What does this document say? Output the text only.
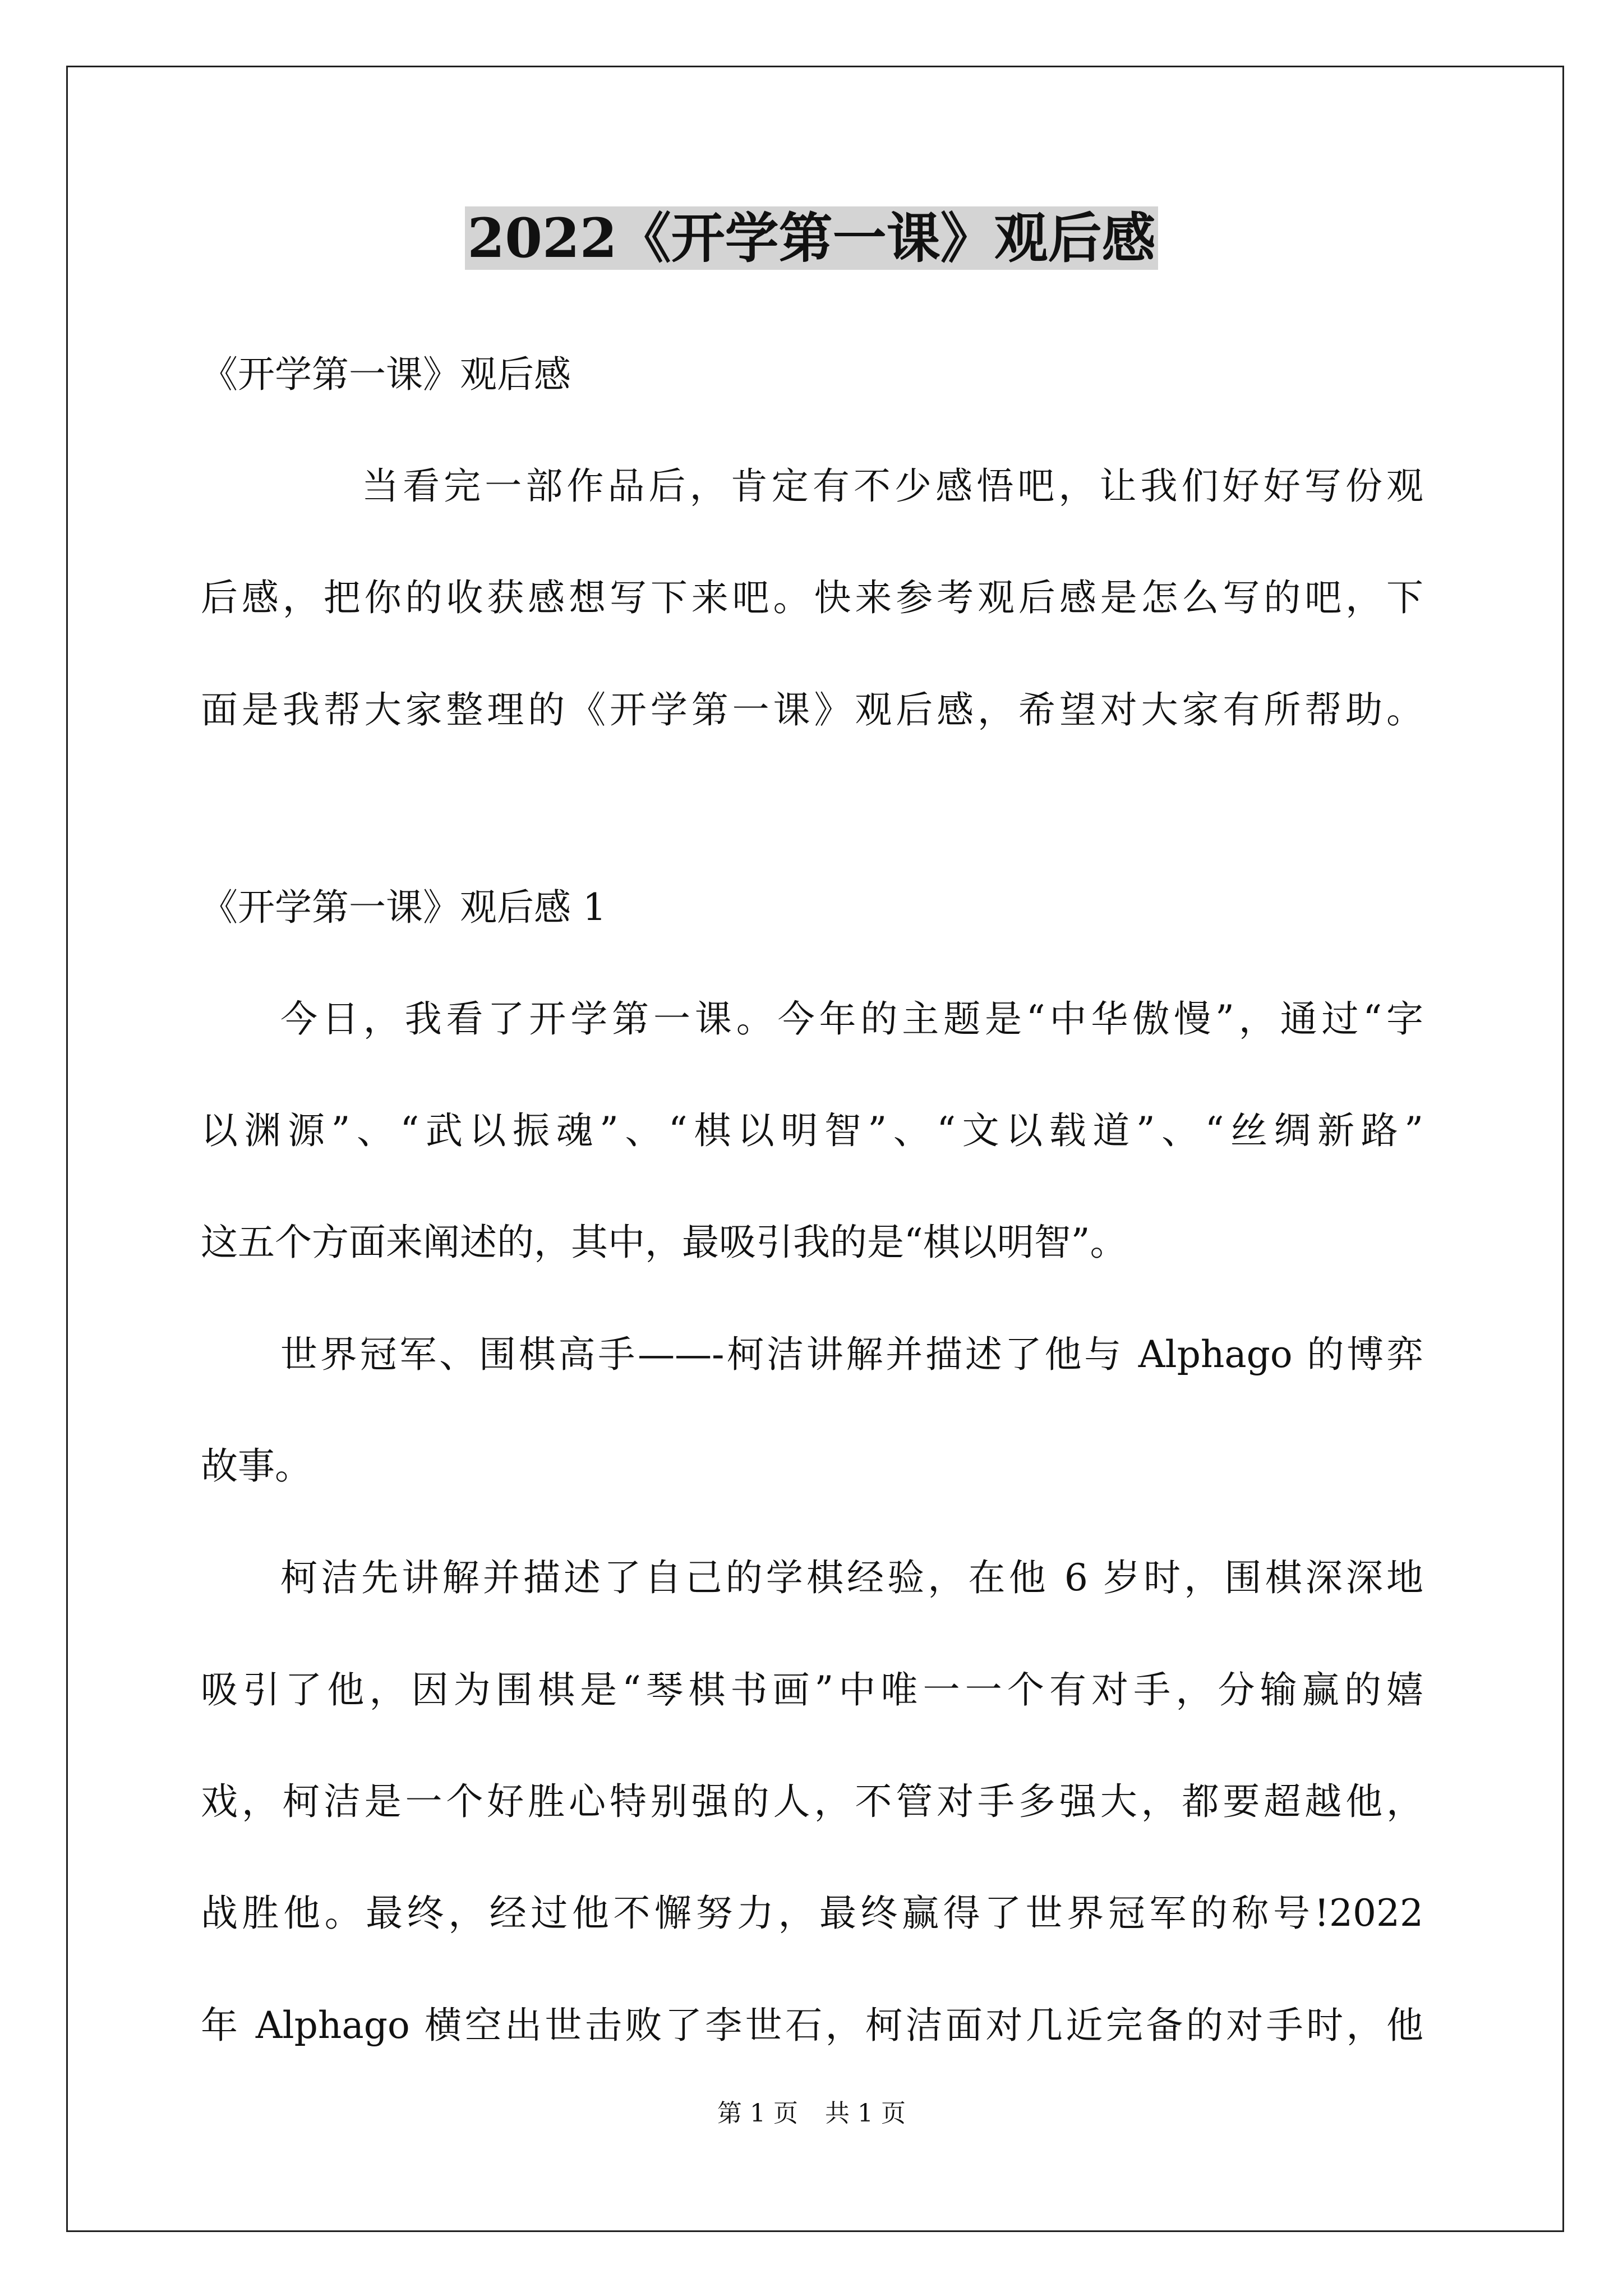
2022《开学第一课》观后感

《开学第一课》观后感

当看完一部作品后，肯定有不少感悟吧，让我们好好写份观

后感，把你的收获感想写下来吧。快来参考观后感是怎么写的吧，下

面是我帮大家整理的《开学第一课》观后感，希望对大家有所帮助。

《开学第一课》观后感 1

今日，我看了开学第一课。今年的主题是“中华傲慢”，通过“字

以渊源”、“武以振魂”、“棋以明智”、“文以载道”、“丝绸新路”

这五个方面来阐述的，其中，最吸引我的是“棋以明智”。

世界冠军、围棋高手——-柯洁讲解并描述了他与 Alphago 的博弈

故事。

柯洁先讲解并描述了自己的学棋经验，在他 6 岁时，围棋深深地

吸引了他，因为围棋是“琴棋书画”中唯一一个有对手，分输赢的嬉

戏，柯洁是一个好胜心特别强的人，不管对手多强大，都要超越他，

战胜他。最终，经过他不懈努力，最终赢得了世界冠军的称号!2022

年 Alphago 横空出世击败了李世石，柯洁面对几近完备的对手时，他

第 1 页 共 1 页
